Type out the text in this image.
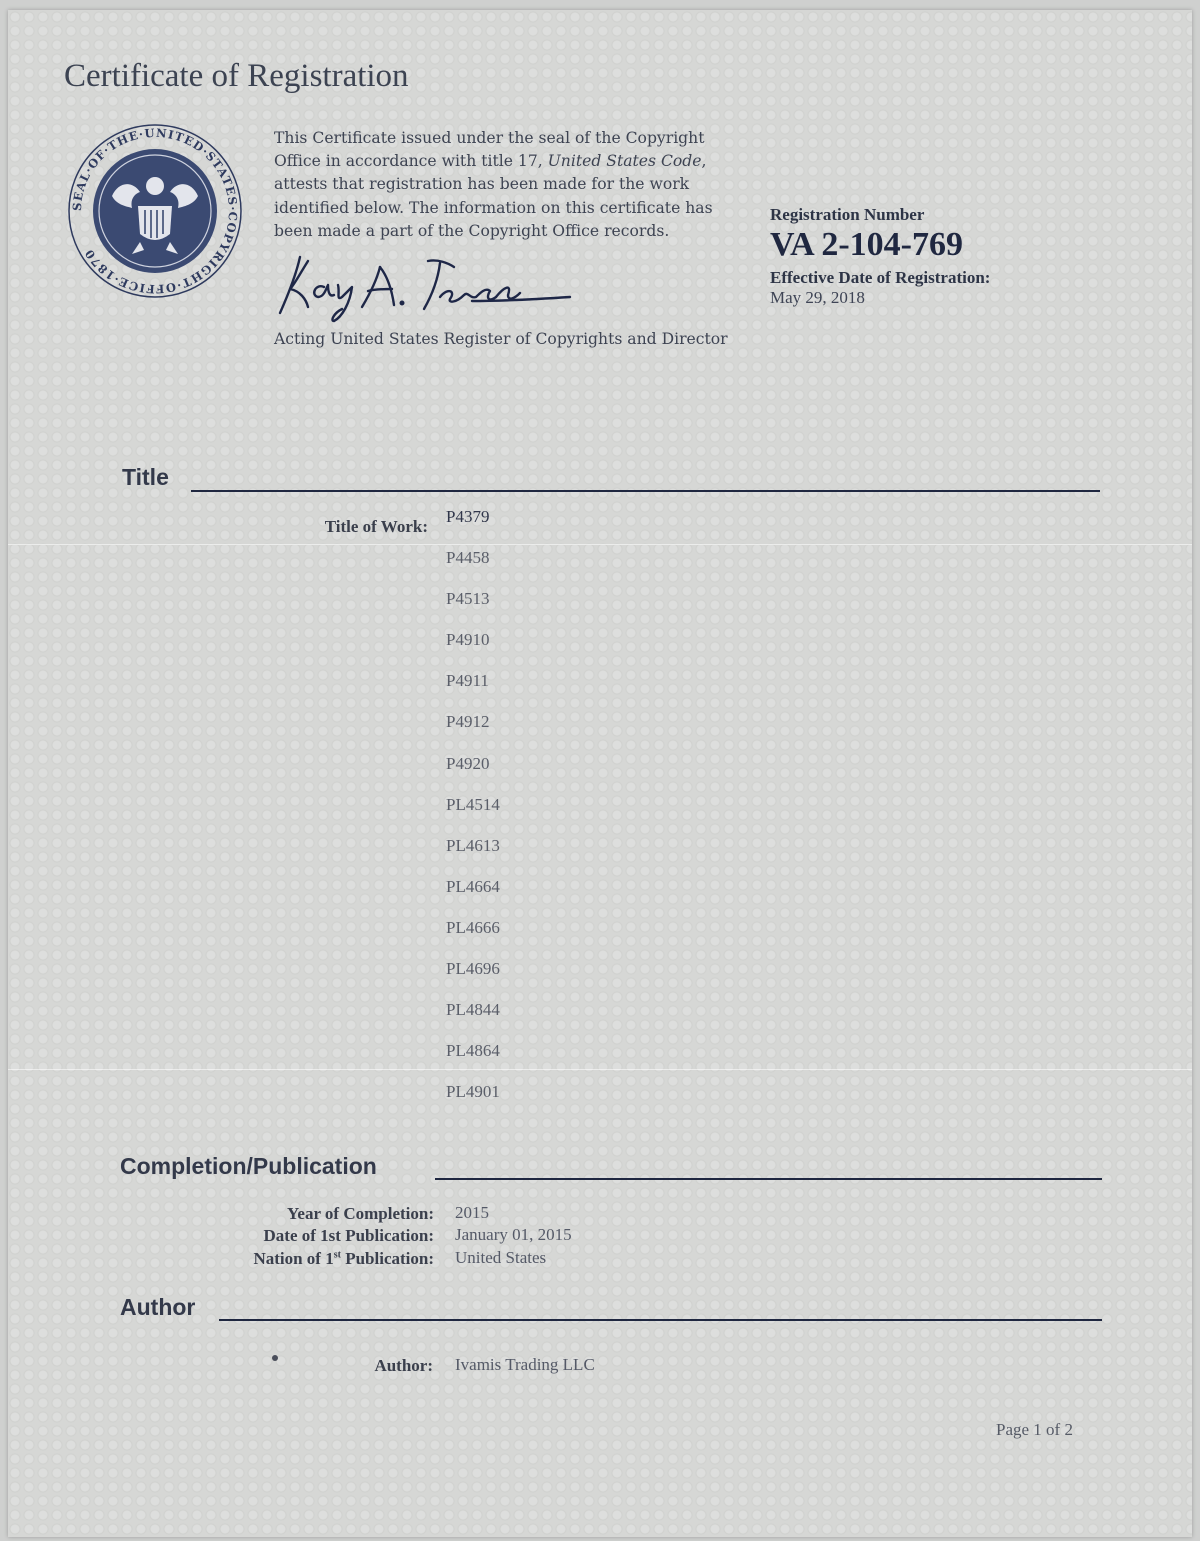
Certificate of Registration
SEAL·OF·THE·UNITED·STATES·COPYRIGHT·OFFICE·1870

This Certificate issued under the seal of the Copyright Office in accordance with title 17, United States Code, attests that registration has been made for the work identified below. The information on this certificate has been made a part of the Copyright Office records.

Acting United States Register of Copyrights and Director
Registration Number
VA 2-104-769
Effective Date of Registration:
May 29, 2018
Title
Title of Work:
P4379
P4458
P4513
P4910
P4911
P4912
P4920
PL4514
PL4613
PL4664
PL4666
PL4696
PL4844
PL4864
PL4901
Completion/Publication
Year of Completion: 2015
Date of 1st Publication: January 01, 2015
Nation of 1st Publication: United States
Author
Author: Ivamis Trading LLC
Page 1 of 2
